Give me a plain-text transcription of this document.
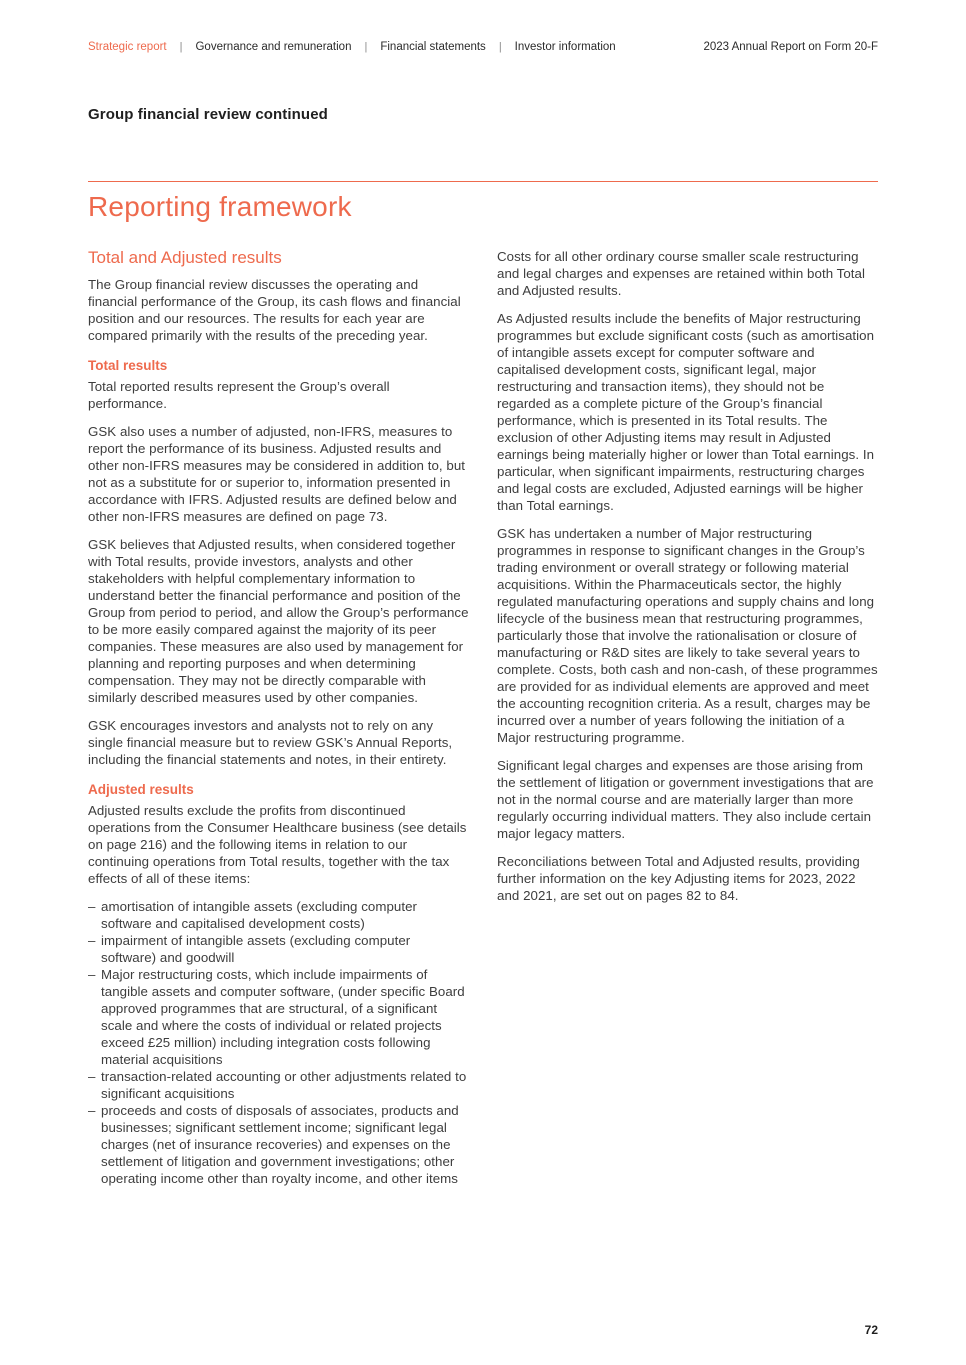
Strategic report |	Governance and remuneration |	Financial statements |	Investor information	2023 Annual Report on Form 20-F
Group financial review continued
Reporting framework
Total and Adjusted results

The Group financial review discusses the operating and financial performance of the Group, its cash flows and financial position and our resources. The results for each year are compared primarily with the results of the preceding year.

Total results

Total reported results represent the Group’s overall performance.

GSK also uses a number of adjusted, non-IFRS, measures to report the performance of its business. Adjusted results and other non-IFRS measures may be considered in addition to, but not as a substitute for or superior to, information presented in accordance with IFRS. Adjusted results are defined below and other non-IFRS measures are defined on page 73.

GSK believes that Adjusted results, when considered together with Total results, provide investors, analysts and other stakeholders with helpful complementary information to understand better the financial performance and position of the Group from period to period, and allow the Group’s performance to be more easily compared against the majority of its peer companies. These measures are also used by management for planning and reporting purposes and when determining compensation. They may not be directly comparable with similarly described measures used by other companies.

GSK encourages investors and analysts not to rely on any single financial measure but to review GSK’s Annual Reports, including the financial statements and notes, in their entirety.

Adjusted results

Adjusted results exclude the profits from discontinued operations from the Consumer Healthcare business (see details on page 216) and the following items in relation to our continuing operations from Total results, together with the tax effects of all of these items:

– amortisation of intangible assets (excluding computer software and capitalised development costs)
– impairment of intangible assets (excluding computer software) and goodwill
– Major restructuring costs, which include impairments of tangible assets and computer software, (under specific Board approved programmes that are structural, of a significant scale and where the costs of individual or related projects exceed £25 million) including integration costs following material acquisitions
– transaction-related accounting or other adjustments related to significant acquisitions
– proceeds and costs of disposals of associates, products and businesses; significant settlement income; significant legal charges (net of insurance recoveries) and expenses on the settlement of litigation and government investigations; other operating income other than royalty income, and other items

Costs for all other ordinary course smaller scale restructuring and legal charges and expenses are retained within both Total and Adjusted results.

As Adjusted results include the benefits of Major restructuring programmes but exclude significant costs (such as amortisation of intangible assets except for computer software and capitalised development costs, significant legal, major restructuring and transaction items), they should not be regarded as a complete picture of the Group’s financial performance, which is presented in its Total results. The exclusion of other Adjusting items may result in Adjusted earnings being materially higher or lower than Total earnings. In particular, when significant impairments, restructuring charges and legal costs are excluded, Adjusted earnings will be higher than Total earnings.

GSK has undertaken a number of Major restructuring programmes in response to significant changes in the Group’s trading environment or overall strategy or following material acquisitions. Within the Pharmaceuticals sector, the highly regulated manufacturing operations and supply chains and long lifecycle of the business mean that restructuring programmes, particularly those that involve the rationalisation or closure of manufacturing or R&D sites are likely to take several years to complete. Costs, both cash and non-cash, of these programmes are provided for as individual elements are approved and meet the accounting recognition criteria. As a result, charges may be incurred over a number of years following the initiation of a Major restructuring programme.

Significant legal charges and expenses are those arising from the settlement of litigation or government investigations that are not in the normal course and are materially larger than more regularly occurring individual matters. They also include certain major legacy matters.

Reconciliations between Total and Adjusted results, providing further information on the key Adjusting items for 2023, 2022 and 2021, are set out on pages 82 to 84.

72
